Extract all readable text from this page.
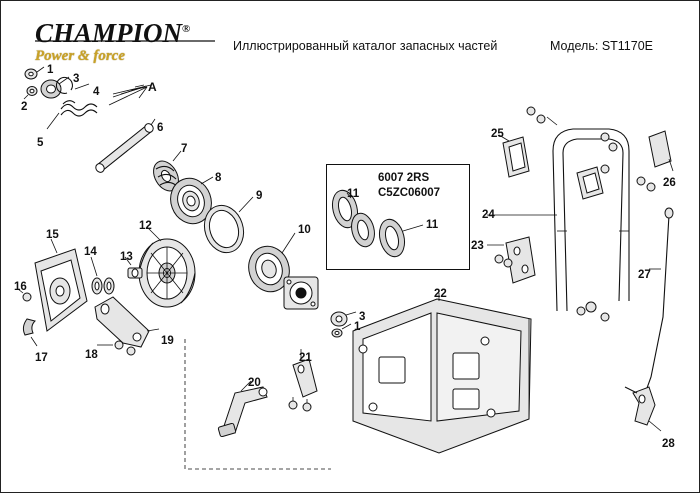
CHAMPION®
Power & force
Иллюстрированный каталог запасных частей	Модель: ST1170E
6007 2RS
C5ZC06007
1
2
3
4
5
6
7
8
9
10
11
11
12
13
14
15
16
17	18
19
20
21
22
23
24
25
26
27
28
3
1
A
